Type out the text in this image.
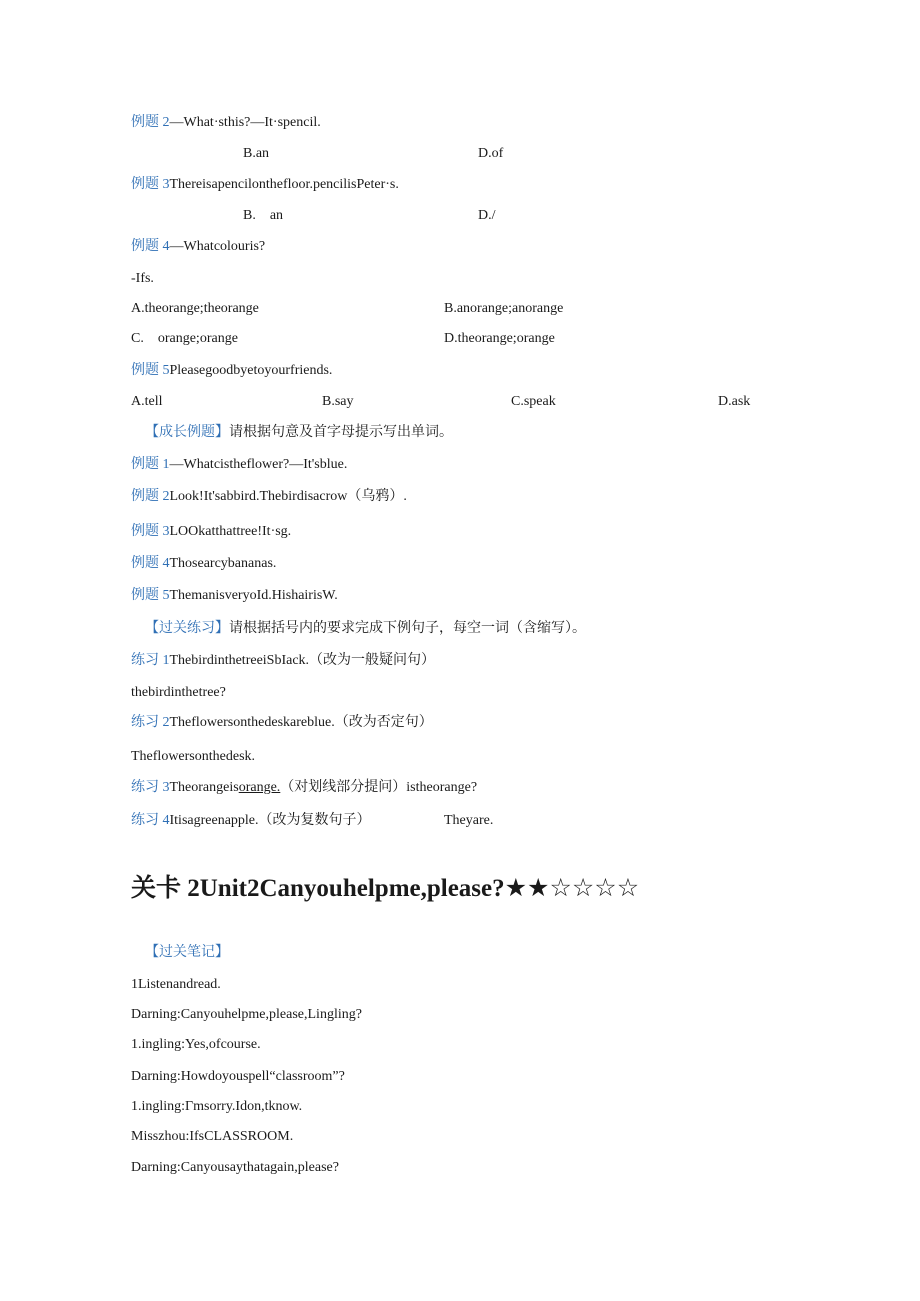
例题 2—What·sthis?—It·spencil.
B.an	D.of
例题 3Thereisapencilonthefloor.pencilisPeter·s.
B.　an	D./
例题 4—Whatcolouris?
-Ifs.
A.theorange;theorange	B.anorange;anorange
C.　orange;orange	D.theorange;orange
例题 5Pleasegoodbyetoyourfriends.
A.tell	B.say	C.speak	D.ask
【成长例题】请根据句意及首字母提示写出单词。
例题 1—Whatcistheflower?—It'sblue.
例题 2Look!It'sabbird.Thebirdisacrow（乌鸦）.
例题 3LOOkatthattree!It·sg.
例题 4Thosearcybananas.
例题 5ThemanisveryoId.HishairisW.
【过关练习】请根据括号内的要求完成下例句子，每空一词（含缩写）。
练习 1ThebirdinthetreeiSbIack.（改为一般疑问句）
thebirdinthetree?
练习 2Theflowersonthedeskareblue.（改为否定句）
Theflowersonthedesk.
练习 3Theorangeisorange.（对划线部分提问）istheorange?
练习 4Itisagreenapple.（改为复数句子）	Theyare.
关卡 2Unit2Canyouhelpme,please?★★☆☆☆☆
【过关笔记】
1Listenandread.
Darning:Canyouhelpme,please,Lingling?
1.ingling:Yes,ofcourse.
Darning:Howdoyouspell“classroom”?
1.ingling:Γmsorry.Idon,tknow.
Misszhou:IfsCLASSROOM.
Darning:Canyousaythatagain,please?
